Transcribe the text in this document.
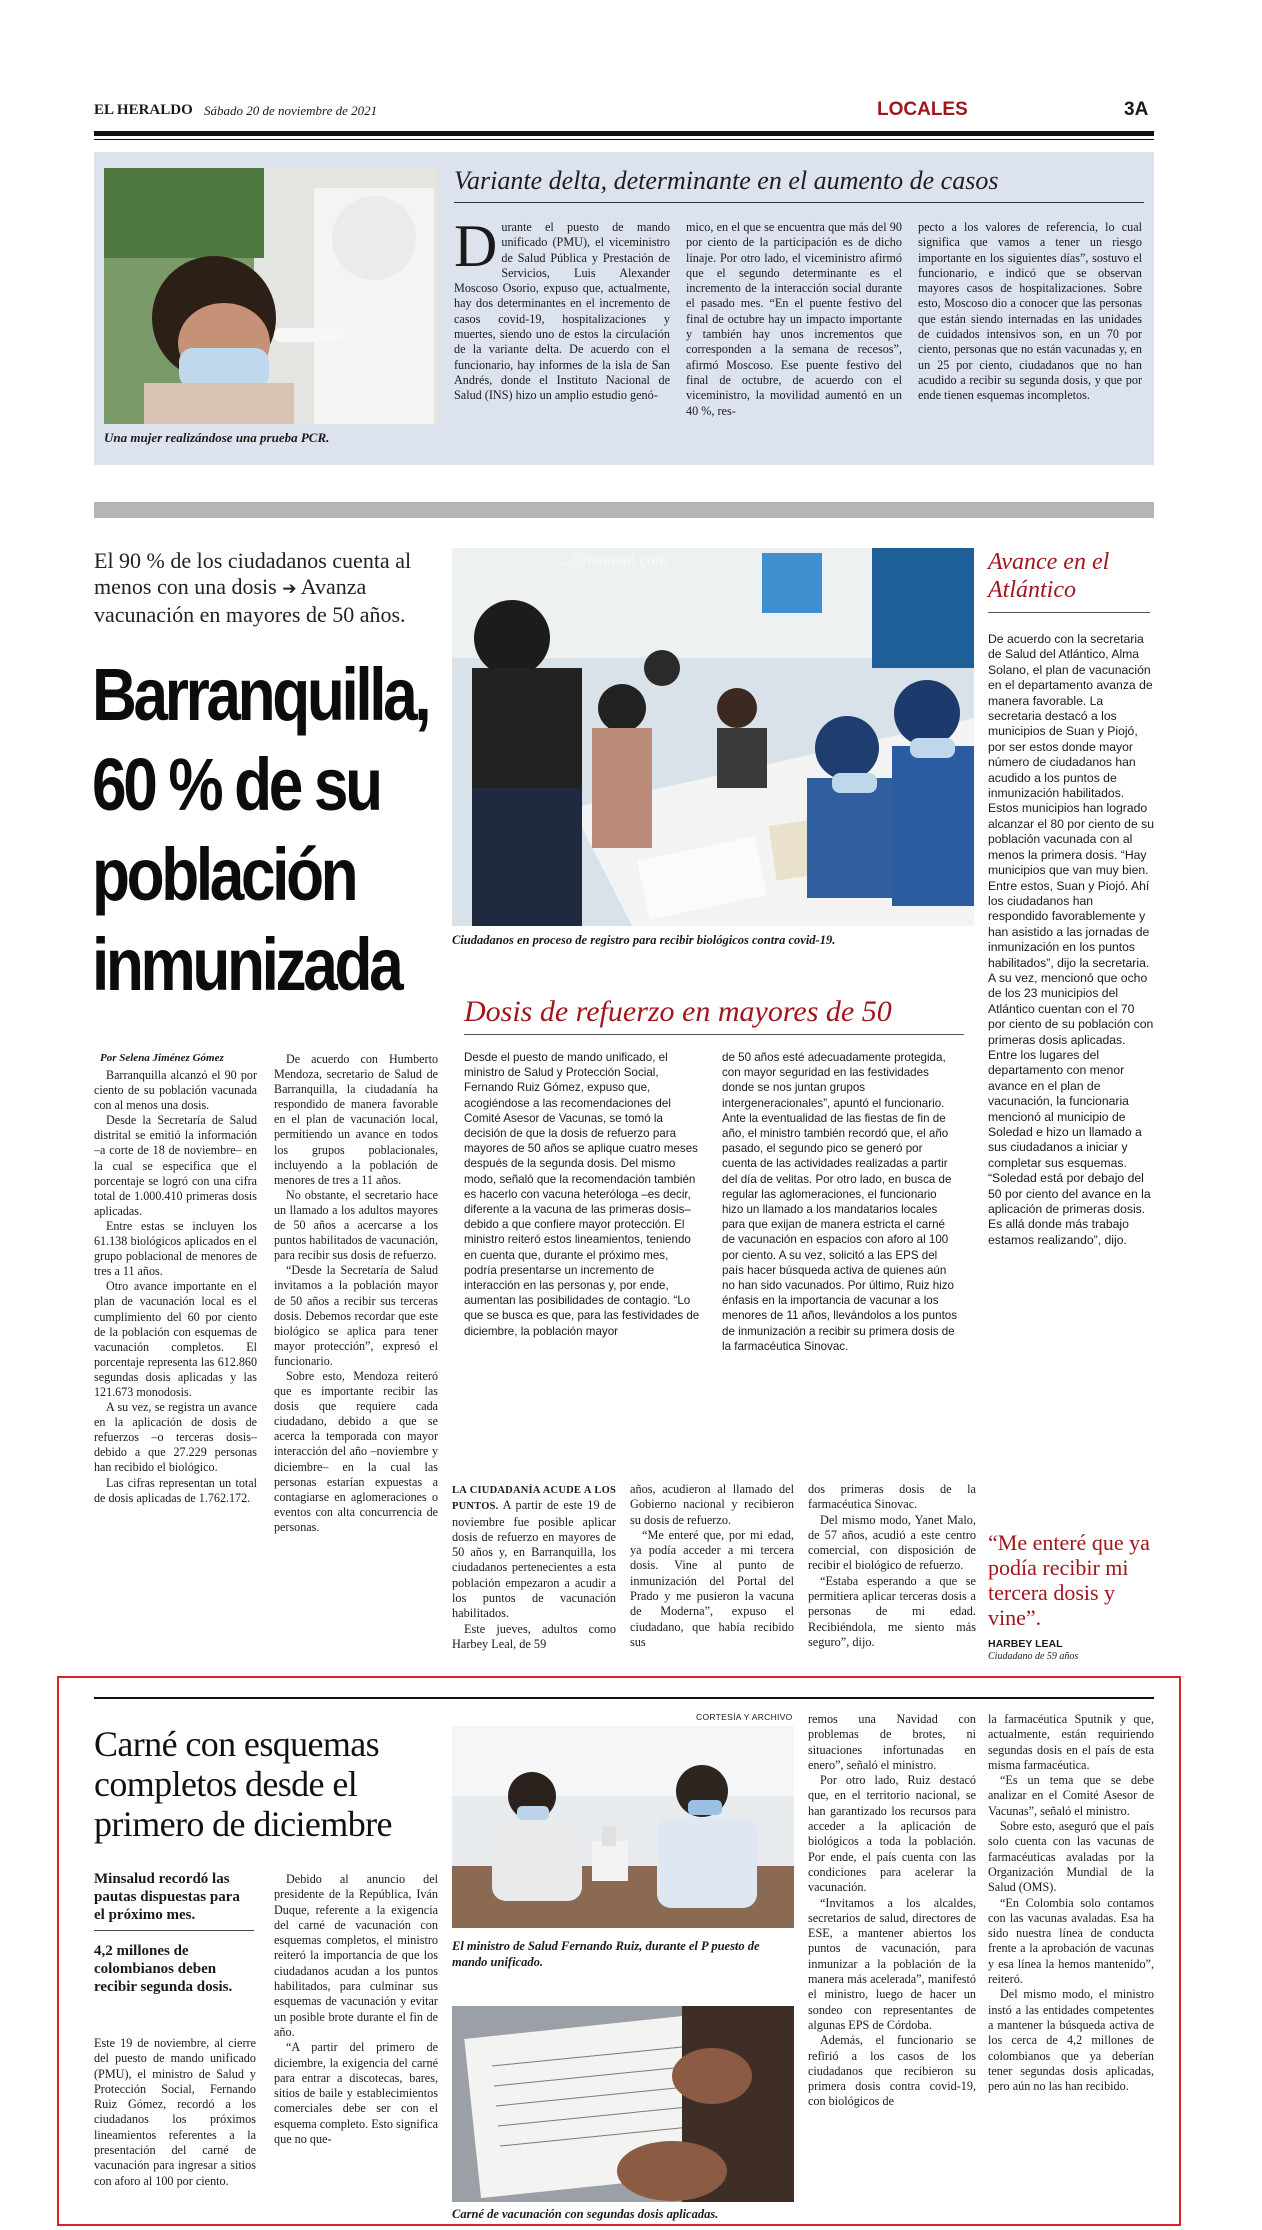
EL HERALDO Sábado 20 de noviembre de 2021	LOCALES	3A
Una mujer realizándose una prueba PCR.
Variante delta, determinante en el aumento de casos
Durante el puesto de mando unificado (PMU), el viceministro de Salud Pública y Prestación de Servicios, Luis Alexander Moscoso Osorio, expuso que, actualmente, hay dos determinantes en el incremento de casos covid-19, hospitalizaciones y muertes, siendo uno de estos la circulación de la variante delta. De acuerdo con el funcionario, hay informes de la isla de San Andrés, donde el Instituto Nacional de Salud (INS) hizo un amplio estudio genó-
mico, en el que se encuentra que más del 90 por ciento de la participación es de dicho linaje. Por otro lado, el viceministro afirmó que el segundo determinante es el incremento de la interacción social durante el pasado mes. “En el puente festivo del final de octubre hay un impacto importante y también hay unos incrementos que corresponden a la semana de recesos”, afirmó Moscoso. Ese puente festivo del final de octubre, de acuerdo con el viceministro, la movilidad aumentó en un 40 %, res-
pecto a los valores de referencia, lo cual significa que vamos a tener un riesgo importante en los siguientes días”, sostuvo el funcionario, e indicó que se observan mayores casos de hospitalizaciones. Sobre esto, Moscoso dio a conocer que las personas que están siendo internadas en las unidades de cuidados intensivos son, en un 70 por ciento, personas que no están vacunadas y, en un 25 por ciento, ciudadanos que no han acudido a recibir su segunda dosis, y que por ende tienen esquemas incompletos.
El 90 % de los ciudadanos cuenta al menos con una dosis ➔ Avanza vacunación en mayores de 50 años.
Barranquilla, 60 % de su población inmunizada
...@hotmail.com
Ciudadanos en proceso de registro para recibir biológicos contra covid-19.
Por Selena Jiménez Gómez

Barranquilla alcanzó el 90 por ciento de su población vacunada con al menos una dosis.

Desde la Secretaría de Salud distrital se emitió la información –a corte de 18 de noviembre– en la cual se especifica que el porcentaje se logró con una cifra total de 1.000.410 primeras dosis aplicadas.

Entre estas se incluyen los 61.138 biológicos aplicados en el grupo poblacional de menores de tres a 11 años.

Otro avance importante en el plan de vacunación local es el cumplimiento del 60 por ciento de la población con esquemas de vacunación completos. El porcentaje representa las 612.860 segundas dosis aplicadas y las 121.673 monodosis.

A su vez, se registra un avance en la aplicación de dosis de refuerzos –o terceras dosis– debido a que 27.229 personas han recibido el biológico.

Las cifras representan un total de dosis aplicadas de 1.762.172.

De acuerdo con Humberto Mendoza, secretario de Salud de Barranquilla, la ciudadanía ha respondido de manera favorable en el plan de vacunación local, permitiendo un avance en todos los grupos poblacionales, incluyendo a la población de menores de tres a 11 años.

No obstante, el secretario hace un llamado a los adultos mayores de 50 años a acercarse a los puntos habilitados de vacunación, para recibir sus dosis de refuerzo.

“Desde la Secretaría de Salud invitamos a la población mayor de 50 años a recibir sus terceras dosis. Debemos recordar que este biológico se aplica para tener mayor protección”, expresó el funcionario.

Sobre esto, Mendoza reiteró que es importante recibir las dosis que requiere cada ciudadano, debido a que se acerca la temporada con mayor interacción del año –noviembre y diciembre– en la cual las personas estarían expuestas a contagiarse en aglomeraciones o eventos con alta concurrencia de personas.

Dosis de refuerzo en mayores de 50
Desde el puesto de mando unificado, el ministro de Salud y Protección Social, Fernando Ruiz Gómez, expuso que, acogiéndose a las recomendaciones del Comité Asesor de Vacunas, se tomó la decisión de que la dosis de refuerzo para mayores de 50 años se aplique cuatro meses después de la segunda dosis. Del mismo modo, señaló que la recomendación también es hacerlo con vacuna heteróloga –es decir, diferente a la vacuna de las primeras dosis– debido a que confiere mayor protección. El ministro reiteró estos lineamientos, teniendo en cuenta que, durante el próximo mes, podría presentarse un incremento de interacción en las personas y, por ende, aumentan las posibilidades de contagio. “Lo que se busca es que, para las festividades de diciembre, la población mayor
de 50 años esté adecuadamente protegida, con mayor seguridad en las festividades donde se nos juntan grupos intergeneracionales”, apuntó el funcionario. Ante la eventualidad de las fiestas de fin de año, el ministro también recordó que, el año pasado, el segundo pico se generó por cuenta de las actividades realizadas a partir del día de velitas. Por otro lado, en busca de regular las aglomeraciones, el funcionario hizo un llamado a los mandatarios locales para que exijan de manera estricta el carné de vacunación en espacios con aforo al 100 por ciento. A su vez, solicitó a las EPS del país hacer búsqueda activa de quienes aún no han sido vacunados. Por último, Ruiz hizo énfasis en la importancia de vacunar a los menores de 11 años, llevándolos a los puntos de inmunización a recibir su primera dosis de la farmacéutica Sinovac.

LA CIUDADANÍA ACUDE A LOS PUNTOS. A partir de este 19 de noviembre fue posible aplicar dosis de refuerzo en mayores de 50 años y, en Barranquilla, los ciudadanos pertenecientes a esta población empezaron a acudir a los puntos de vacunación habilitados.

Este jueves, adultos como Harbey Leal, de 59

años, acudieron al llamado del Gobierno nacional y recibieron su dosis de refuerzo.

“Me enteré que, por mi edad, ya podía acceder a mi tercera dosis. Vine al punto de inmunización del Portal del Prado y me pusieron la vacuna de Moderna”, expuso el ciudadano, que había recibido sus

dos primeras dosis de la farmacéutica Sinovac.

Del mismo modo, Yanet Malo, de 57 años, acudió a este centro comercial, con disposición de recibir el biológico de refuerzo.

“Estaba esperando a que se permitiera aplicar terceras dosis a personas de mi edad. Recibiéndola, me siento más seguro”, dijo.

Avance en el Atlántico

De acuerdo con la secretaria de Salud del Atlántico, Alma Solano, el plan de vacunación en el departamento avanza de manera favorable. La secretaria destacó a los municipios de Suan y Piojó, por ser estos donde mayor número de ciudadanos han acudido a los puntos de inmunización habilitados.

Estos municipios han logrado alcanzar el 80 por ciento de su población vacunada con al menos la primera dosis. “Hay municipios que van muy bien. Entre estos, Suan y Piojó. Ahí los ciudadanos han respondido favorablemente y han asistido a las jornadas de inmunización en los puntos habilitados”, dijo la secretaria. A su vez, mencionó que ocho de los 23 municipios del Atlántico cuentan con el 70 por ciento de su población con primeras dosis aplicadas.

Entre los lugares del departamento con menor avance en el plan de vacunación, la funcionaria mencionó al municipio de Soledad e hizo un llamado a sus ciudadanos a iniciar y completar sus esquemas. “Soledad está por debajo del 50 por ciento del avance en la aplicación de primeras dosis. Es allá donde más trabajo estamos realizando”, dijo.

“Me enteré que ya podía recibir mi tercera dosis y vine”.
HARBEY LEAL
Ciudadano de 59 años
Carné con esquemas completos desde el primero de diciembre
Minsalud recordó las pautas dispuestas para el próximo mes.
4,2 millones de colombianos deben recibir segunda dosis.

Este 19 de noviembre, al cierre del puesto de mando unificado (PMU), el ministro de Salud y Protección Social, Fernando Ruiz Gómez, recordó a los ciudadanos los próximos lineamientos referentes a la presentación del carné de vacunación para ingresar a sitios con aforo al 100 por ciento.

Debido al anuncio del presidente de la República, Iván Duque, referente a la exigencia del carné de vacunación con esquemas completos, el ministro reiteró la importancia de que los ciudadanos acudan a los puntos habilitados, para culminar sus esquemas de vacunación y evitar un posible brote durante el fin de año.

“A partir del primero de diciembre, la exigencia del carné para entrar a discotecas, bares, sitios de baile y establecimientos comerciales debe ser con el esquema completo. Esto significa que no que-

CORTESÍA Y ARCHIVO
El ministro de Salud Fernando Ruiz, durante el P puesto de mando unificado.
Carné de vacunación con segundas dosis aplicadas.

remos una Navidad con problemas de brotes, ni situaciones infortunadas en enero”, señaló el ministro.

Por otro lado, Ruiz destacó que, en el territorio nacional, se han garantizado los recursos para acceder a la aplicación de biológicos a toda la población. Por ende, el país cuenta con las condiciones para acelerar la vacunación.

“Invitamos a los alcaldes, secretarios de salud, directores de ESE, a mantener abiertos los puntos de vacunación, para inmunizar a la población de la manera más acelerada”, manifestó el ministro, luego de hacer un sondeo con representantes de algunas EPS de Córdoba.

Además, el funcionario se refirió a los casos de los ciudadanos que recibieron su primera dosis contra covid-19, con biológicos de

la farmacéutica Sputnik y que, actualmente, están requiriendo segundas dosis en el país de esta misma farmacéutica.

“Es un tema que se debe analizar en el Comité Asesor de Vacunas”, señaló el ministro.

Sobre esto, aseguró que el país solo cuenta con las vacunas de farmacéuticas avaladas por la Organización Mundial de la Salud (OMS).

“En Colombia solo contamos con las vacunas avaladas. Esa ha sido nuestra línea de conducta frente a la aprobación de vacunas y esa línea la hemos mantenido”, reiteró.

Del mismo modo, el ministro instó a las entidades competentes a mantener la búsqueda activa de los cerca de 4,2 millones de colombianos que ya deberían tener segundas dosis aplicadas, pero aún no las han recibido.
